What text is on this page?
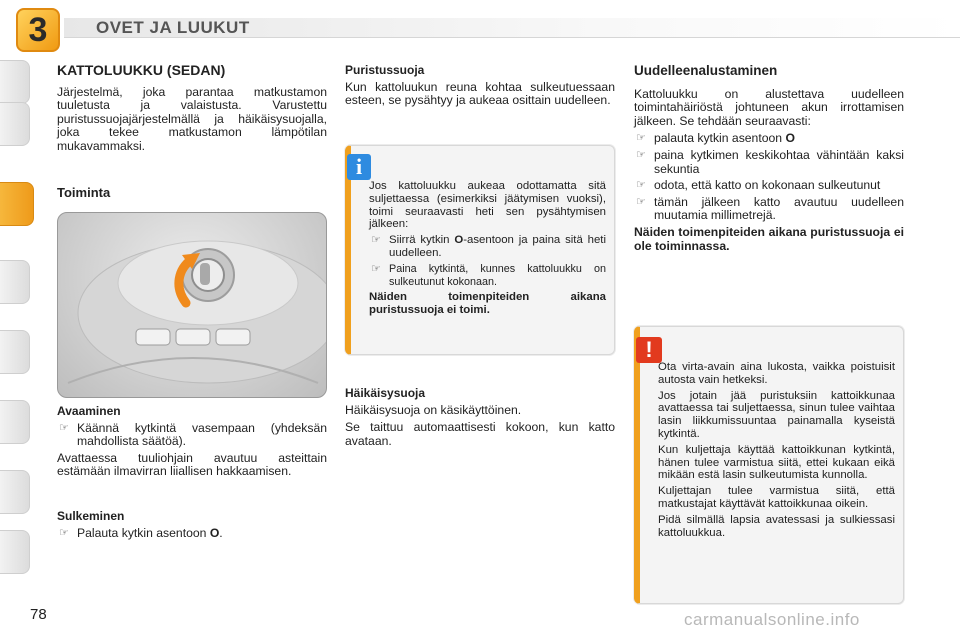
3	OVET JA LUUKUT
KATTOLUUKKU (SEDAN)

Järjestelmä, joka parantaa matkustamon tuuletusta ja valaistusta. Varustettu puristussuojajärjestelmällä ja häikäisysuojalla, joka tekee matkustamon lämpötilan mukavammaksi.

Toiminta
Avaaminen
☞ Käännä kytkintä vasempaan (yhdeksän mahdollista säätöä).

Avattaessa tuuliohjain avautuu asteittain estämään ilmavirran liiallisen hakkaamisen.

Sulkeminen
☞ Palauta kytkin asentoon O.
Puristussuoja

Kun kattoluukun reuna kohtaa sulkeutuessaan esteen, se pysähtyy ja aukeaa osittain uudelleen.

i

Jos kattoluukku aukeaa odottamatta sitä suljettaessa (esimerkiksi jäätymisen vuoksi), toimi seuraavasti heti sen pysähtymisen jälkeen:

☞ Siirrä kytkin O-asentoon ja paina sitä heti uudelleen.
☞ Paina kytkintä, kunnes kattoluukku on sulkeutunut kokonaan.

Näiden toimenpiteiden aikana puristussuoja ei toimi.

Häikäisysuoja

Häikäisysuoja on käsikäyttöinen.

Se taittuu automaattisesti kokoon, kun katto avataan.

Uudelleenalustaminen

Kattoluukku on alustettava uudelleen toimintahäiriöstä johtuneen akun irrottamisen jälkeen. Se tehdään seuraavasti:

☞ palauta kytkin asentoon O
☞ paina kytkimen keskikohtaa vähintään kaksi sekuntia
☞ odota, että katto on kokonaan sulkeutunut
☞ tämän jälkeen katto avautuu uudelleen muutamia millimetrejä.

Näiden toimenpiteiden aikana puristussuoja ei ole toiminnassa.

!

Ota virta-avain aina lukosta, vaikka poistuisit autosta vain hetkeksi.

Jos jotain jää puristuksiin kattoikkunaa avattaessa tai suljettaessa, sinun tulee vaihtaa lasin liikkumissuuntaa painamalla kyseistä kytkintä.

Kun kuljettaja käyttää kattoikkunan kytkintä, hänen tulee varmistua siitä, ettei kukaan eikä mikään estä lasin sulkeutumista kunnolla.

Kuljettajan tulee varmistua siitä, että matkustajat käyttävät kattoikkunaa oikein.

Pidä silmällä lapsia avatessasi ja sulkiessasi kattoluukkua.

78	carmanualsonline.info
